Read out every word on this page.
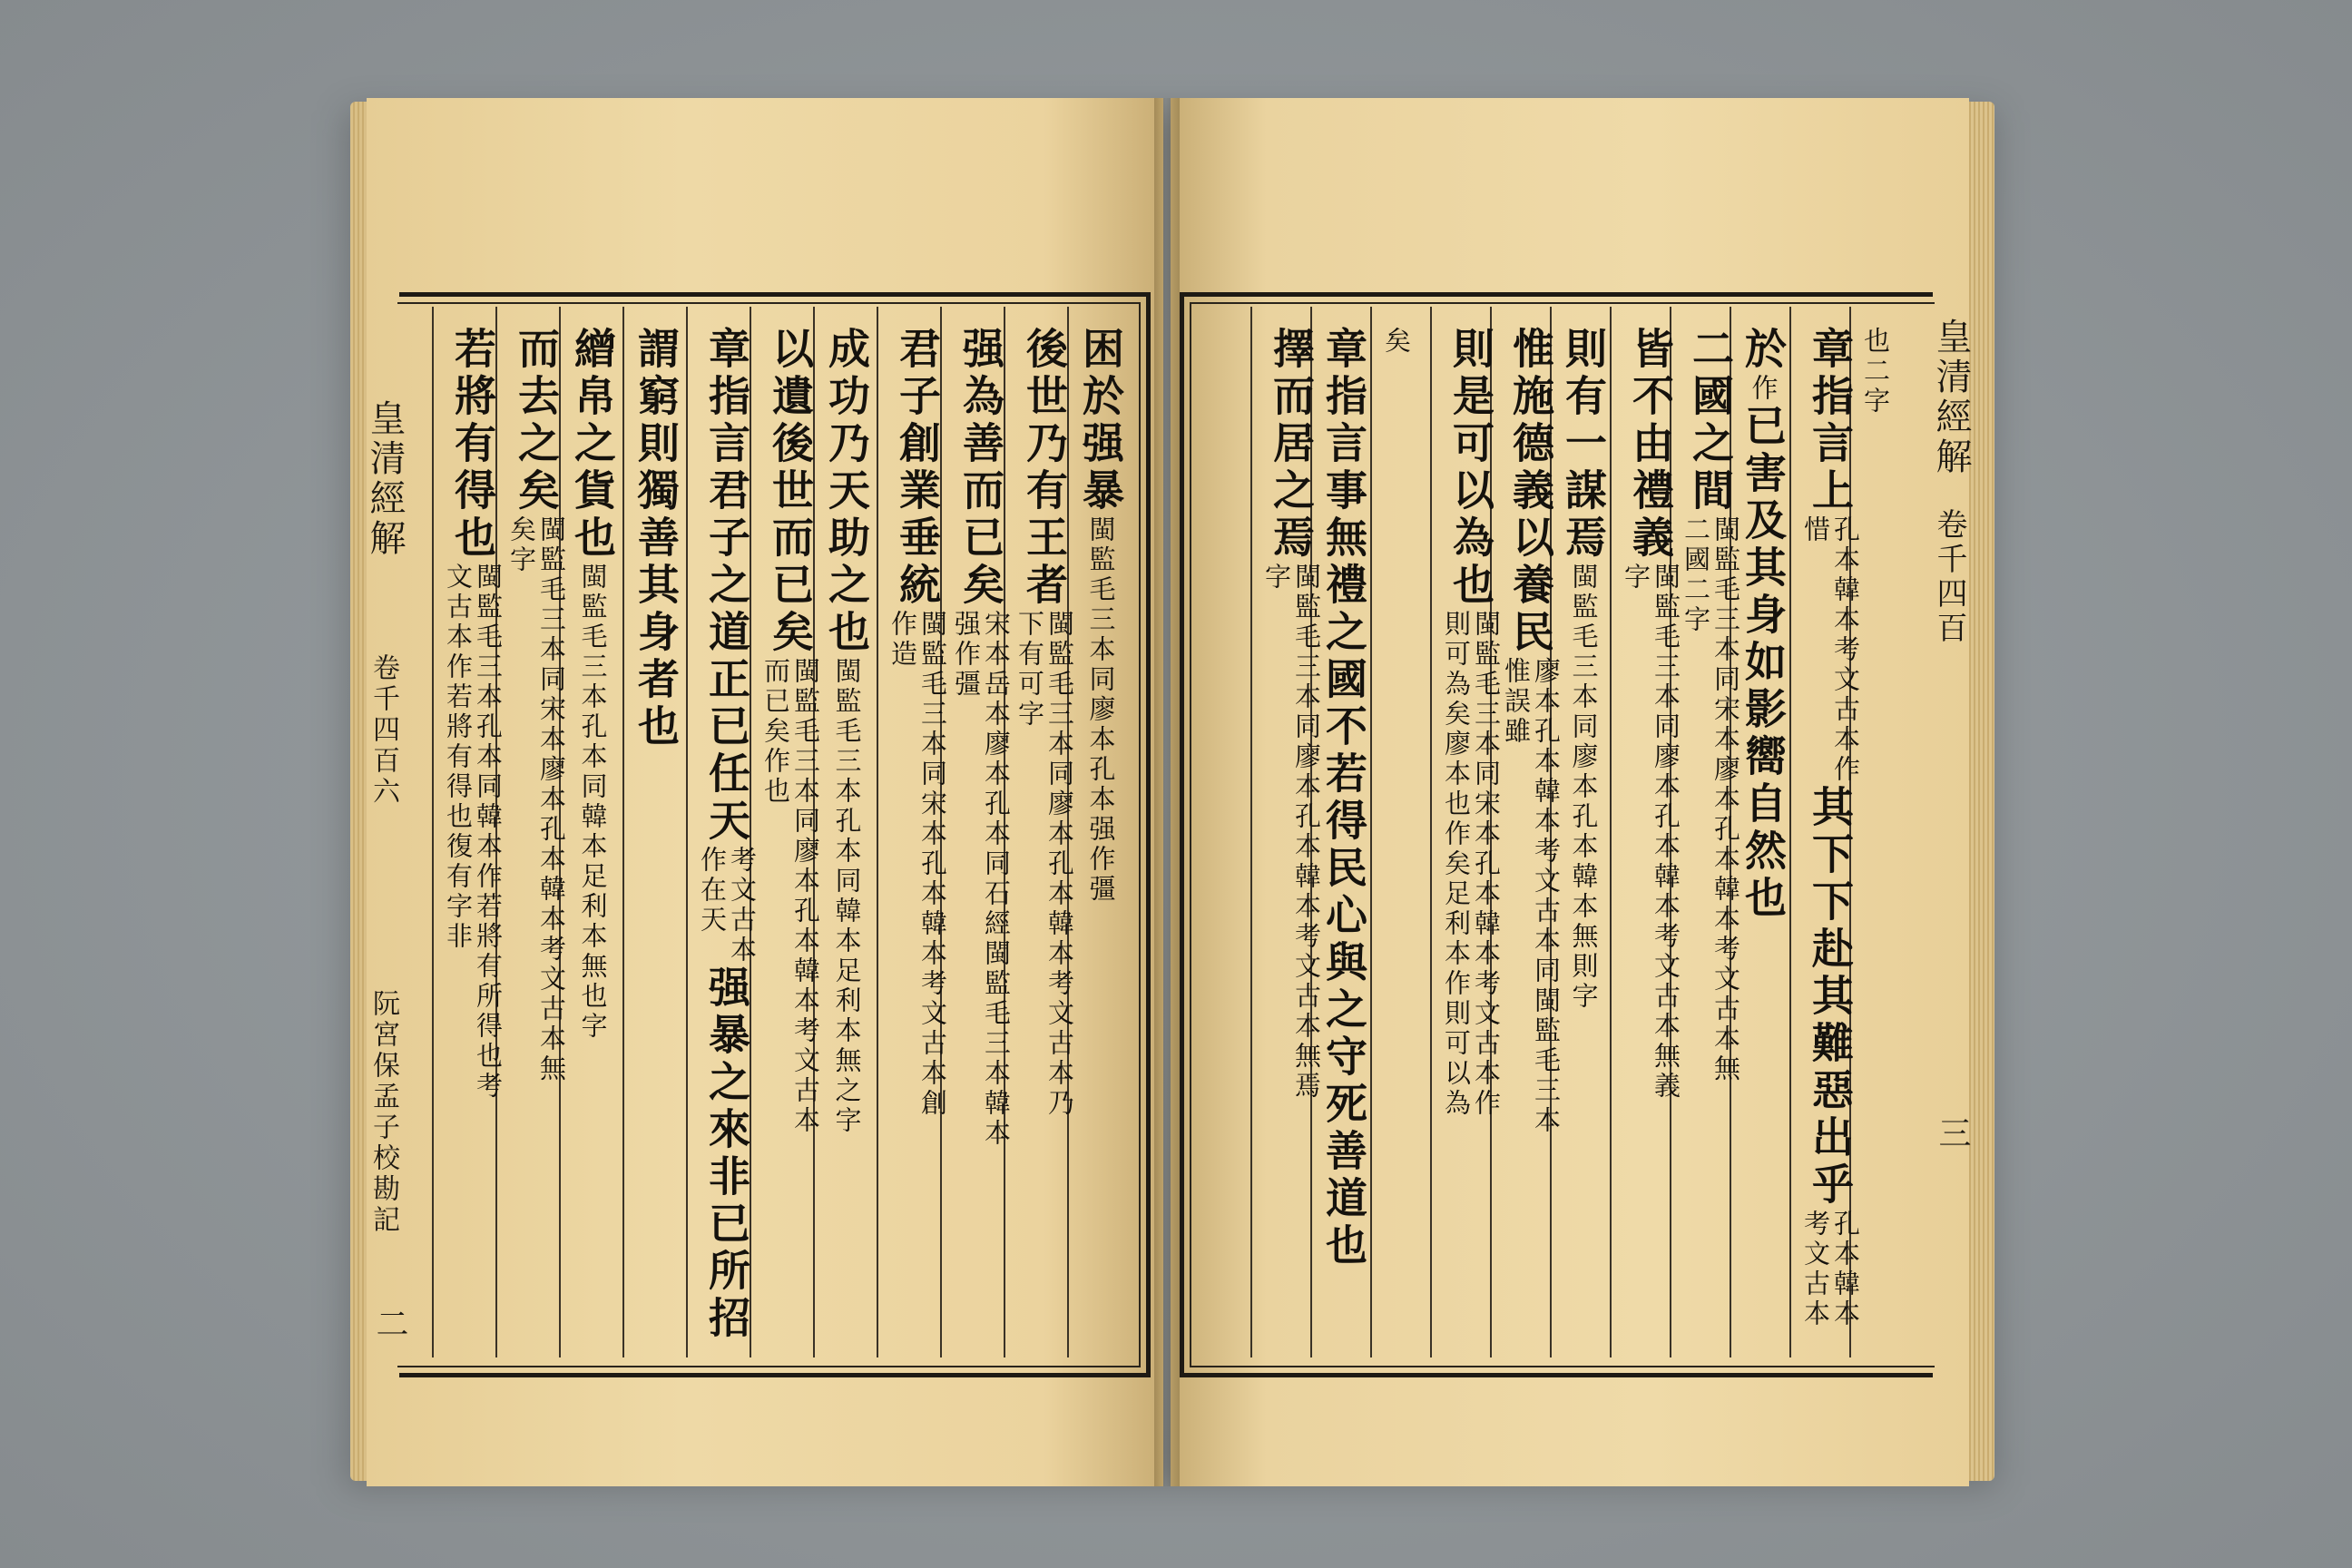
皇清經解
卷千四百六
阮宮保孟子校勘記
二
困於强暴
閩監毛三本同廖本孔本强作彊
後世乃有王者
閩監毛三本同廖本孔本韓本考文古本乃
下有可字
强為善而已矣
宋本岳本廖本孔本同石經閩監毛三本韓本
强作彊
君子創業垂統
閩監毛三本同宋本孔本韓本考文古本創
作造
成功乃天助之也
閩監毛三本孔本同韓本足利本無之字
以遺後世而已矣
閩監毛三本同廖本孔本韓本考文古本
而已矣作也
章指言君子之道正已任天
考文古本
作在天
强暴之來非已所招
謂窮則獨善其身者也
繒帛之貨也
閩監毛三本孔本同韓本足利本無也字
而去之矣
閩監毛三本同宋本廖本孔本韓本考文古本無
矣字
若將有得也
閩監毛三本孔本同韓本作若將有所得也考
文古本作若將有得也復有字非
皇清經解
卷千四百
三
也二字
章指言上
孔本韓本考文古本作
惜
其下下赴其難惡出乎
孔本韓本
考文古本
於
作
已害及其身如影嚮自然也
二國之間
閩監毛三本同宋本廖本孔本韓本考文古本無
二國二字
皆不由禮義
閩監毛三本同廖本孔本韓本考文古本無義
字
則有一謀焉
閩監毛三本同廖本孔本韓本無則字
惟施德義以養民
廖本孔本韓本考文古本同閩監毛三本
惟誤雖
則是可以為也
閩監毛三本同宋本孔本韓本考文古本作
則可為矣廖本也作矣足利本作則可以為
矣
章指言事無禮之國不若得民心與之守死善道也
擇而居之焉
閩監毛三本同廖本孔本韓本考文古本無焉
字
